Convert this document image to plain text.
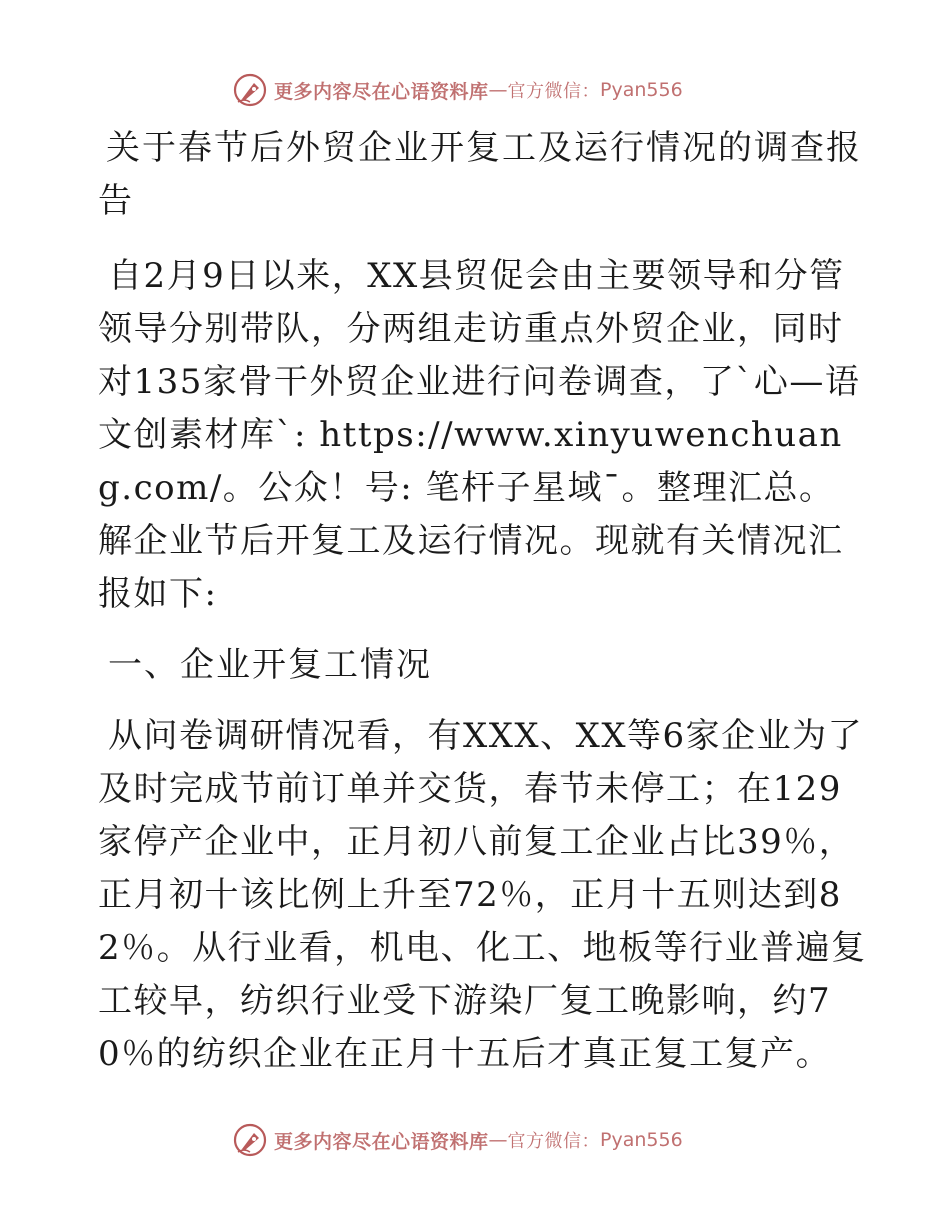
更多内容尽在心语资料库 — 官方微信： Pyan556
关于春节后外贸企业开复工及运行情况的调查报告

自2月9日以来，XX县贸促会由主要领导和分管领导分别带队，分两组走访重点外贸企业，同时对135家骨干外贸企业进行问卷调查，了ˋ心—语文创素材库ˋ: https://www.xinyuwenchuang.com/。公众！号: 笔杆子星域¯。整理汇总。解企业节后开复工及运行情况。现就有关情况汇报如下:

一、企业开复工情况

从问卷调研情况看，有XXX、XX等6家企业为了及时完成节前订单并交货，春节未停工；在129家停产企业中，正月初八前复工企业占比39％，正月初十该比例上升至72％，正月十五则达到82％。从行业看，机电、化工、地板等行业普遍复工较早，纺织行业受下游染厂复工晚影响，约70％的纺织企业在正月十五后才真正复工复产。

更多内容尽在心语资料库 — 官方微信： Pyan556
